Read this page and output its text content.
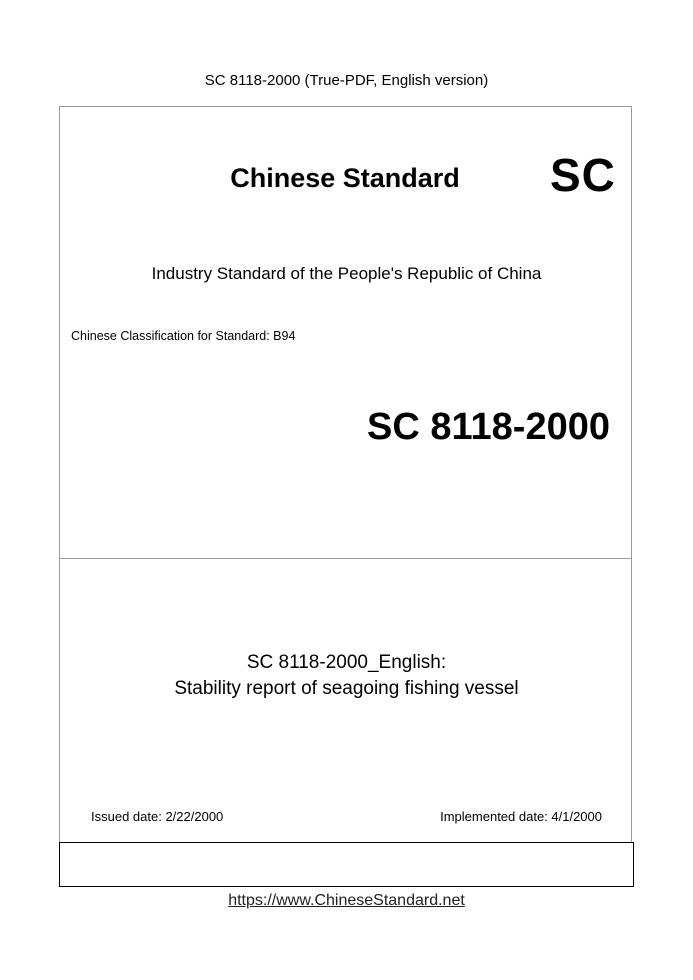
SC 8118-2000 (True-PDF, English version)
Chinese Standard	SC
Industry Standard of the People's Republic of China
Chinese Classification for Standard: B94
SC 8118-2000
SC 8118-2000_English:
Stability report of seagoing fishing vessel
Issued date: 2/22/2000	Implemented date: 4/1/2000
https://www.ChineseStandard.net
